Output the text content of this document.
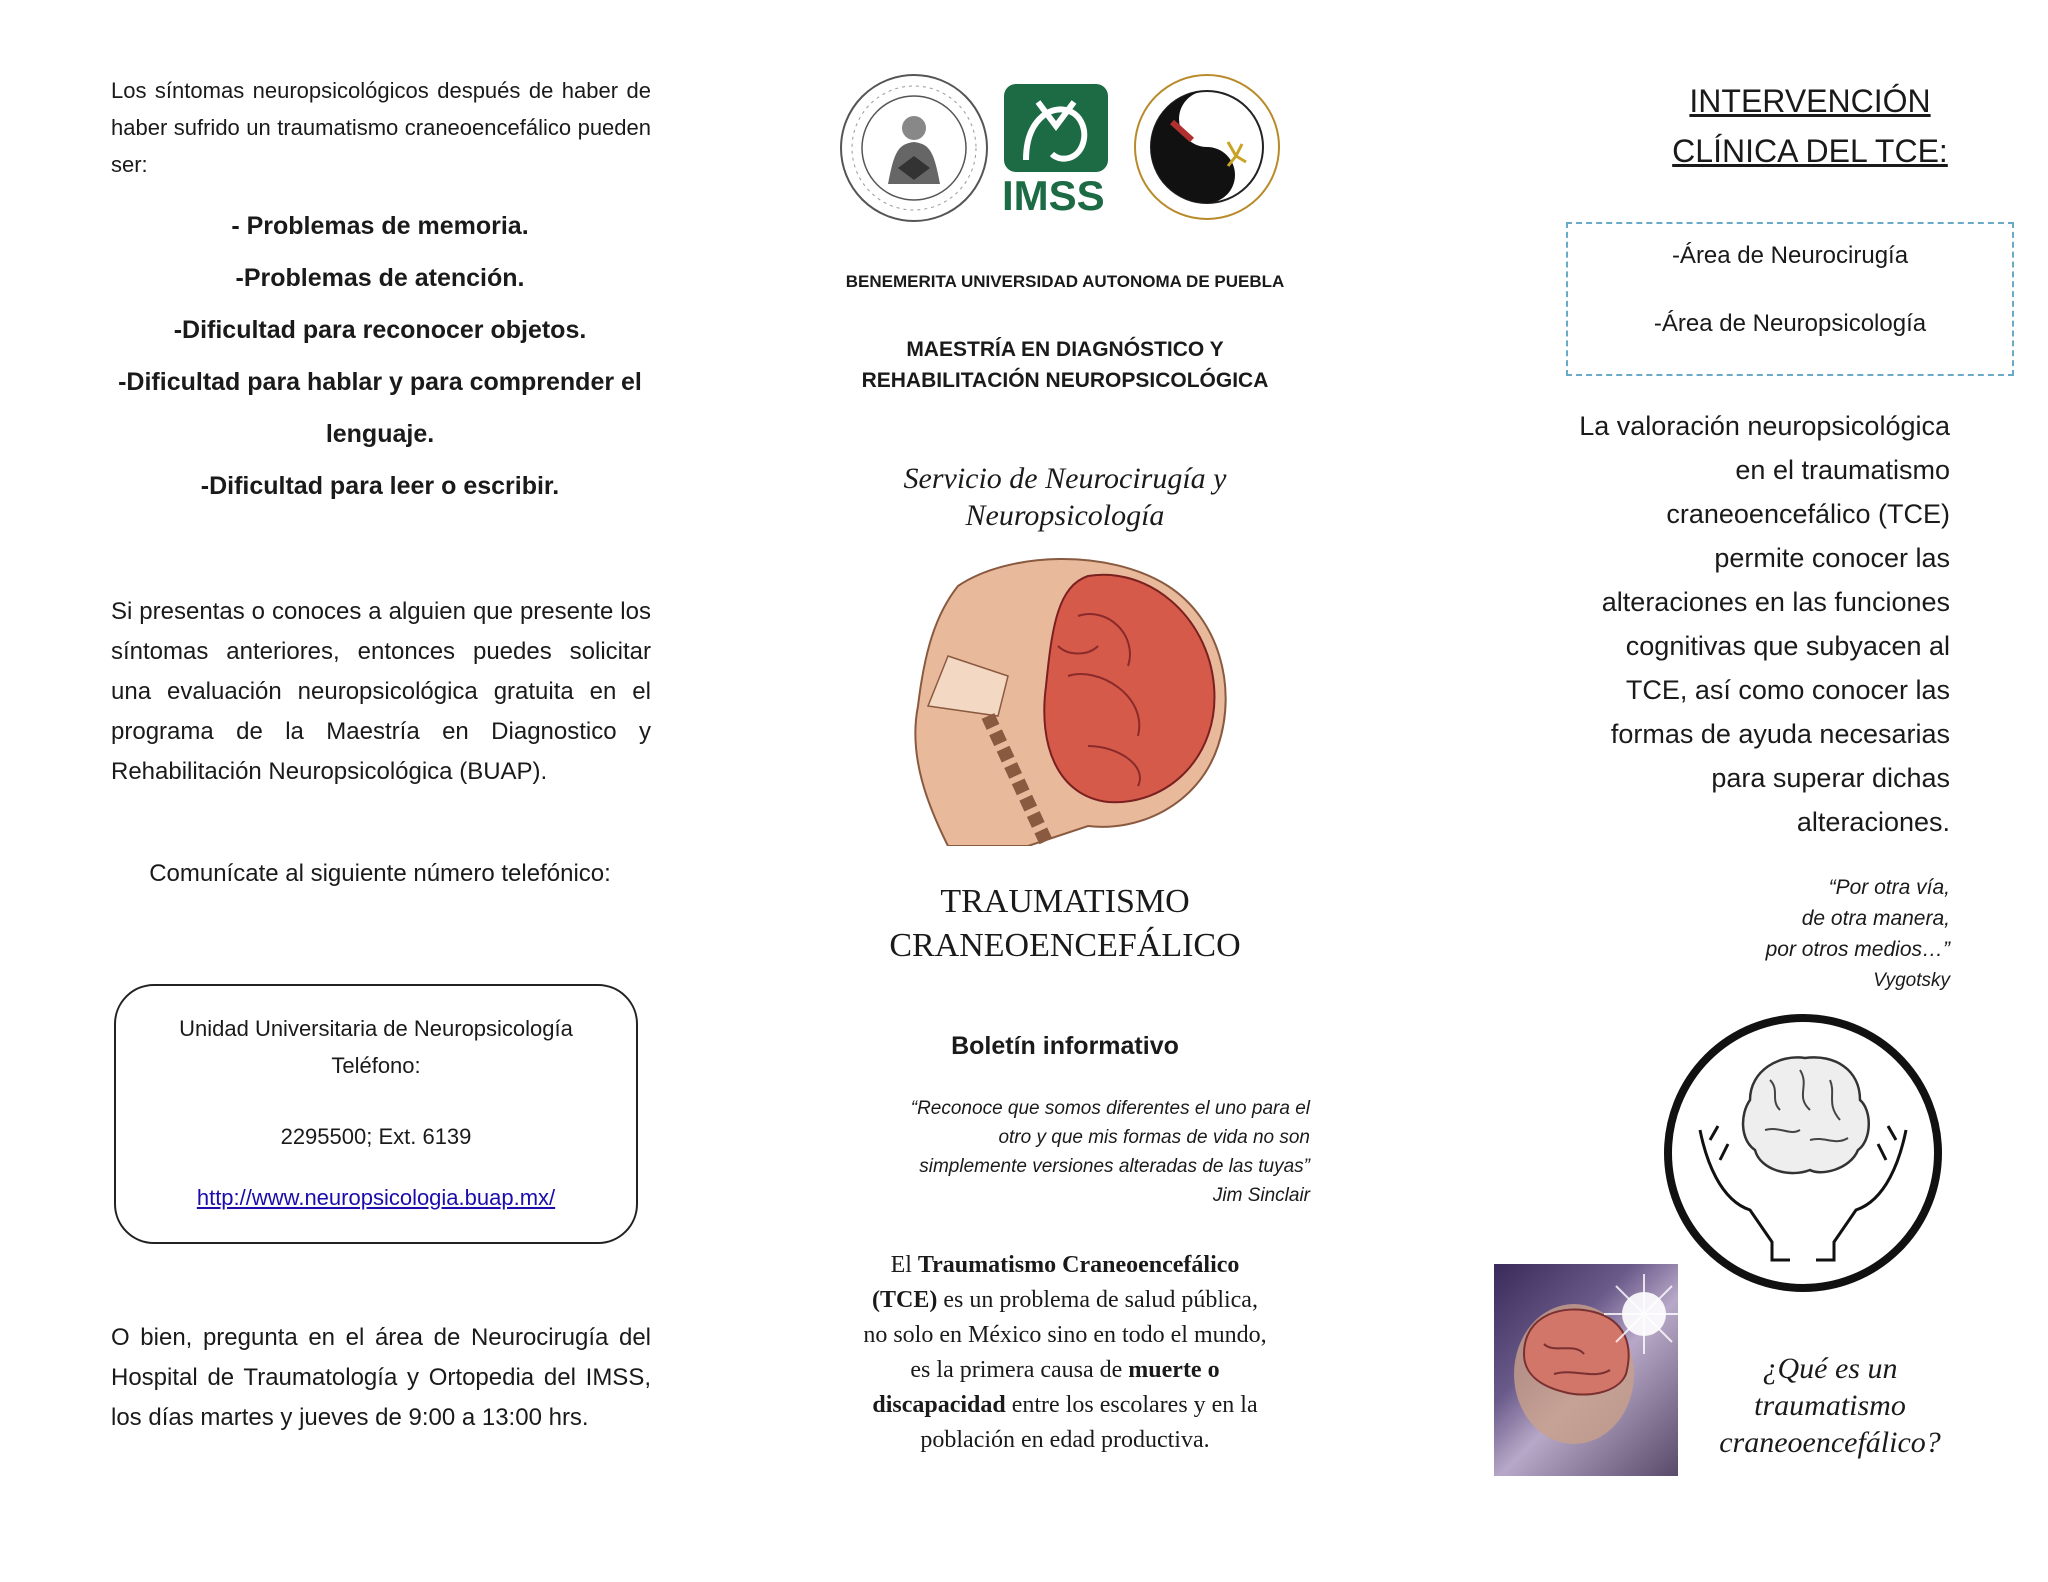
Los síntomas neuropsicológicos después de haber de haber sufrido un traumatismo craneoencefálico pueden ser:
- Problemas de memoria.
-Problemas de atención.
-Dificultad para reconocer objetos.
-Dificultad para hablar y para comprender el
lenguaje.
-Dificultad para leer o escribir.
Si presentas o conoces a alguien que presente los síntomas anteriores, entonces puedes solicitar una evaluación neuropsicológica gratuita en el programa de la Maestría en Diagnostico y Rehabilitación Neuropsicológica (BUAP).
Comunícate al siguiente número telefónico:
Unidad Universitaria de Neuropsicología
Teléfono:
2295500; Ext. 6139
http://www.neuropsicologia.buap.mx/
O bien, pregunta en el área de Neurocirugía del Hospital de Traumatología y Ortopedia del IMSS, los días martes y jueves de 9:00 a 13:00 hrs.
IMSS
BENEMERITA UNIVERSIDAD AUTONOMA DE PUEBLA
MAESTRÍA EN DIAGNÓSTICO Y
REHABILITACIÓN NEUROPSICOLÓGICA
Servicio de Neurocirugía y
Neuropsicología
TRAUMATISMO
CRANEOENCEFÁLICO
Boletín informativo
“Reconoce que somos diferentes el uno para el
otro y que mis formas de vida no son
simplemente versiones alteradas de las tuyas”
Jim Sinclair
El Traumatismo Craneoencefálico
(TCE) es un problema de salud pública,
no solo en México sino en todo el mundo,
es la primera causa de muerte o
discapacidad entre los escolares y en la
población en edad productiva.
INTERVENCIÓN
CLÍNICA DEL TCE:
-Área de Neurocirugía
-Área de Neuropsicología
La valoración neuropsicológica
en el traumatismo
craneoencefálico (TCE)
permite conocer las
alteraciones en las funciones
cognitivas que subyacen al
TCE, así como conocer las
formas de ayuda necesarias
para superar dichas
alteraciones.
“Por otra vía,
de otra manera,
por otros medios…”
Vygotsky
¿Qué es un
traumatismo
craneoencefálico?
